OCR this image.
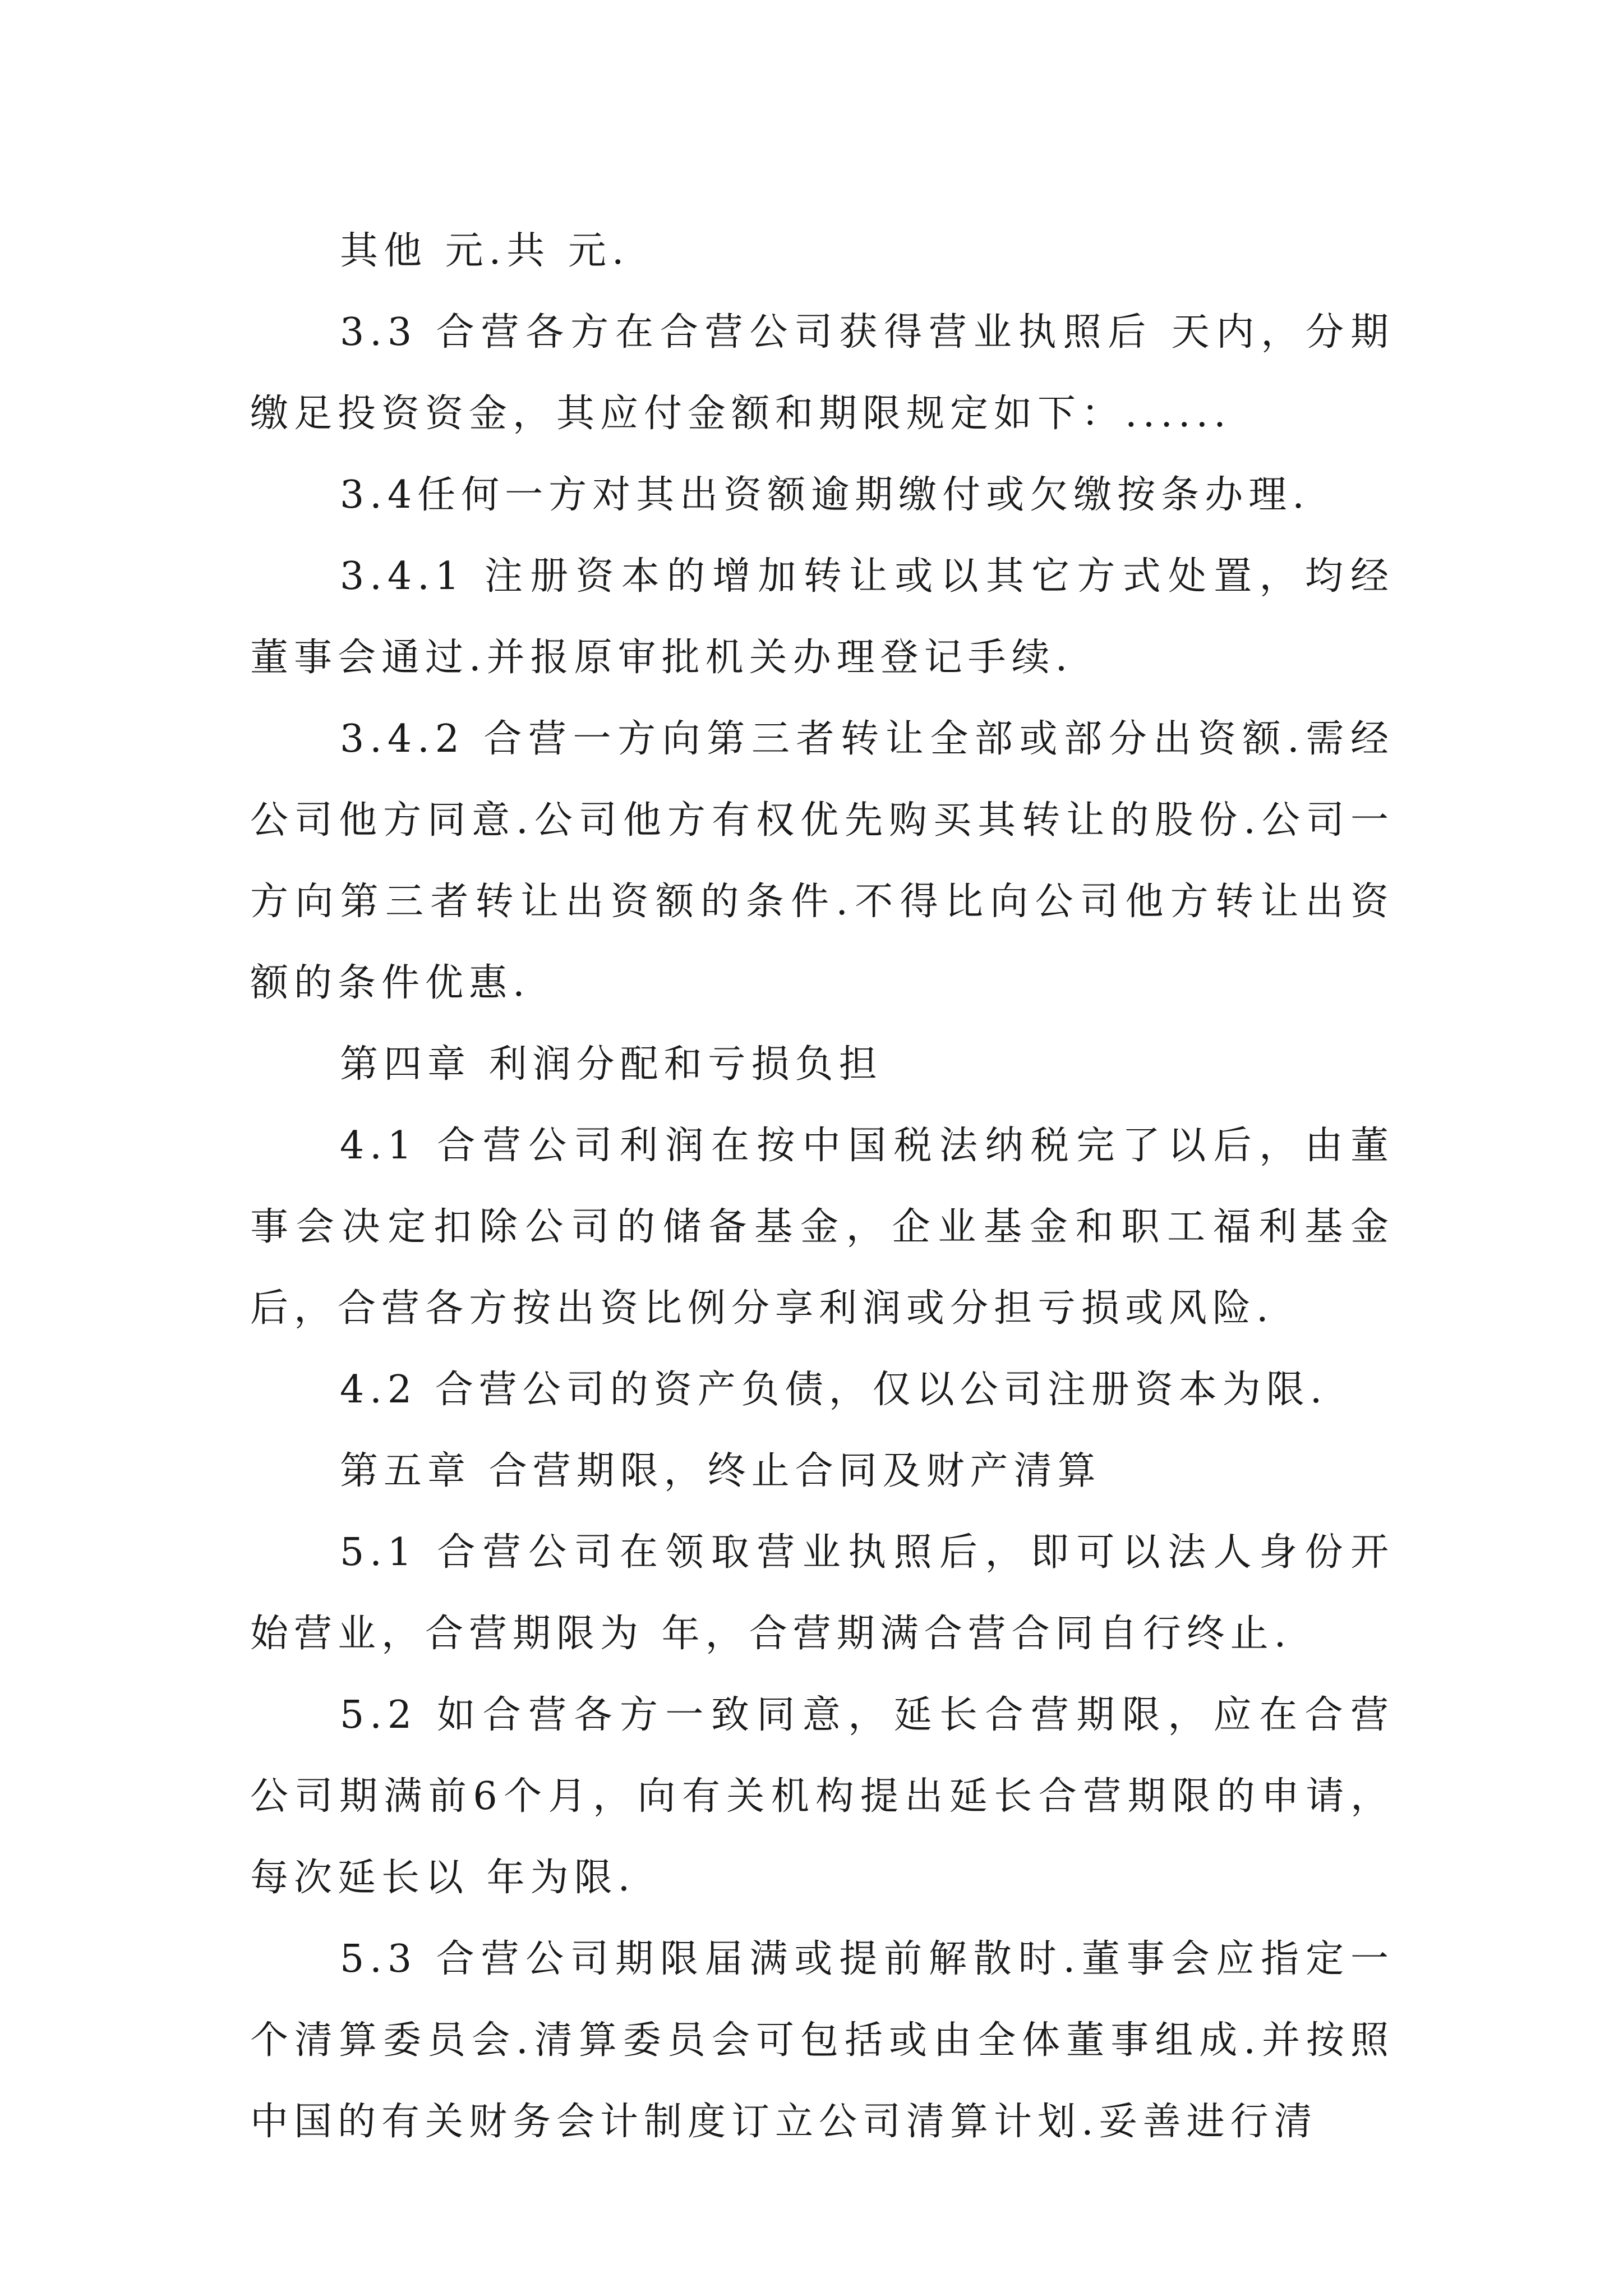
其他 元.共 元.

3.3 合营各方在合营公司获得营业执照后 天内，分期缴足投资资金，其应付金额和期限规定如下：......

3.4任何一方对其出资额逾期缴付或欠缴按条办理.

3.4.1 注册资本的增加转让或以其它方式处置，均经董事会通过.并报原审批机关办理登记手续.

3.4.2 合营一方向第三者转让全部或部分出资额.需经公司他方同意.公司他方有权优先购买其转让的股份.公司一方向第三者转让出资额的条件.不得比向公司他方转让出资额的条件优惠.

第四章 利润分配和亏损负担

4.1 合营公司利润在按中国税法纳税完了以后，由董事会决定扣除公司的储备基金，企业基金和职工福利基金后，合营各方按出资比例分享利润或分担亏损或风险.

4.2 合营公司的资产负债，仅以公司注册资本为限.

第五章 合营期限，终止合同及财产清算

5.1 合营公司在领取营业执照后，即可以法人身份开始营业，合营期限为 年，合营期满合营合同自行终止.

5.2 如合营各方一致同意，延长合营期限，应在合营公司期满前6个月，向有关机构提出延长合营期限的申请，每次延长以 年为限.

5.3 合营公司期限届满或提前解散时.董事会应指定一个清算委员会.清算委员会可包括或由全体董事组成.并按照中国的有关财务会计制度订立公司清算计划.妥善进行清
